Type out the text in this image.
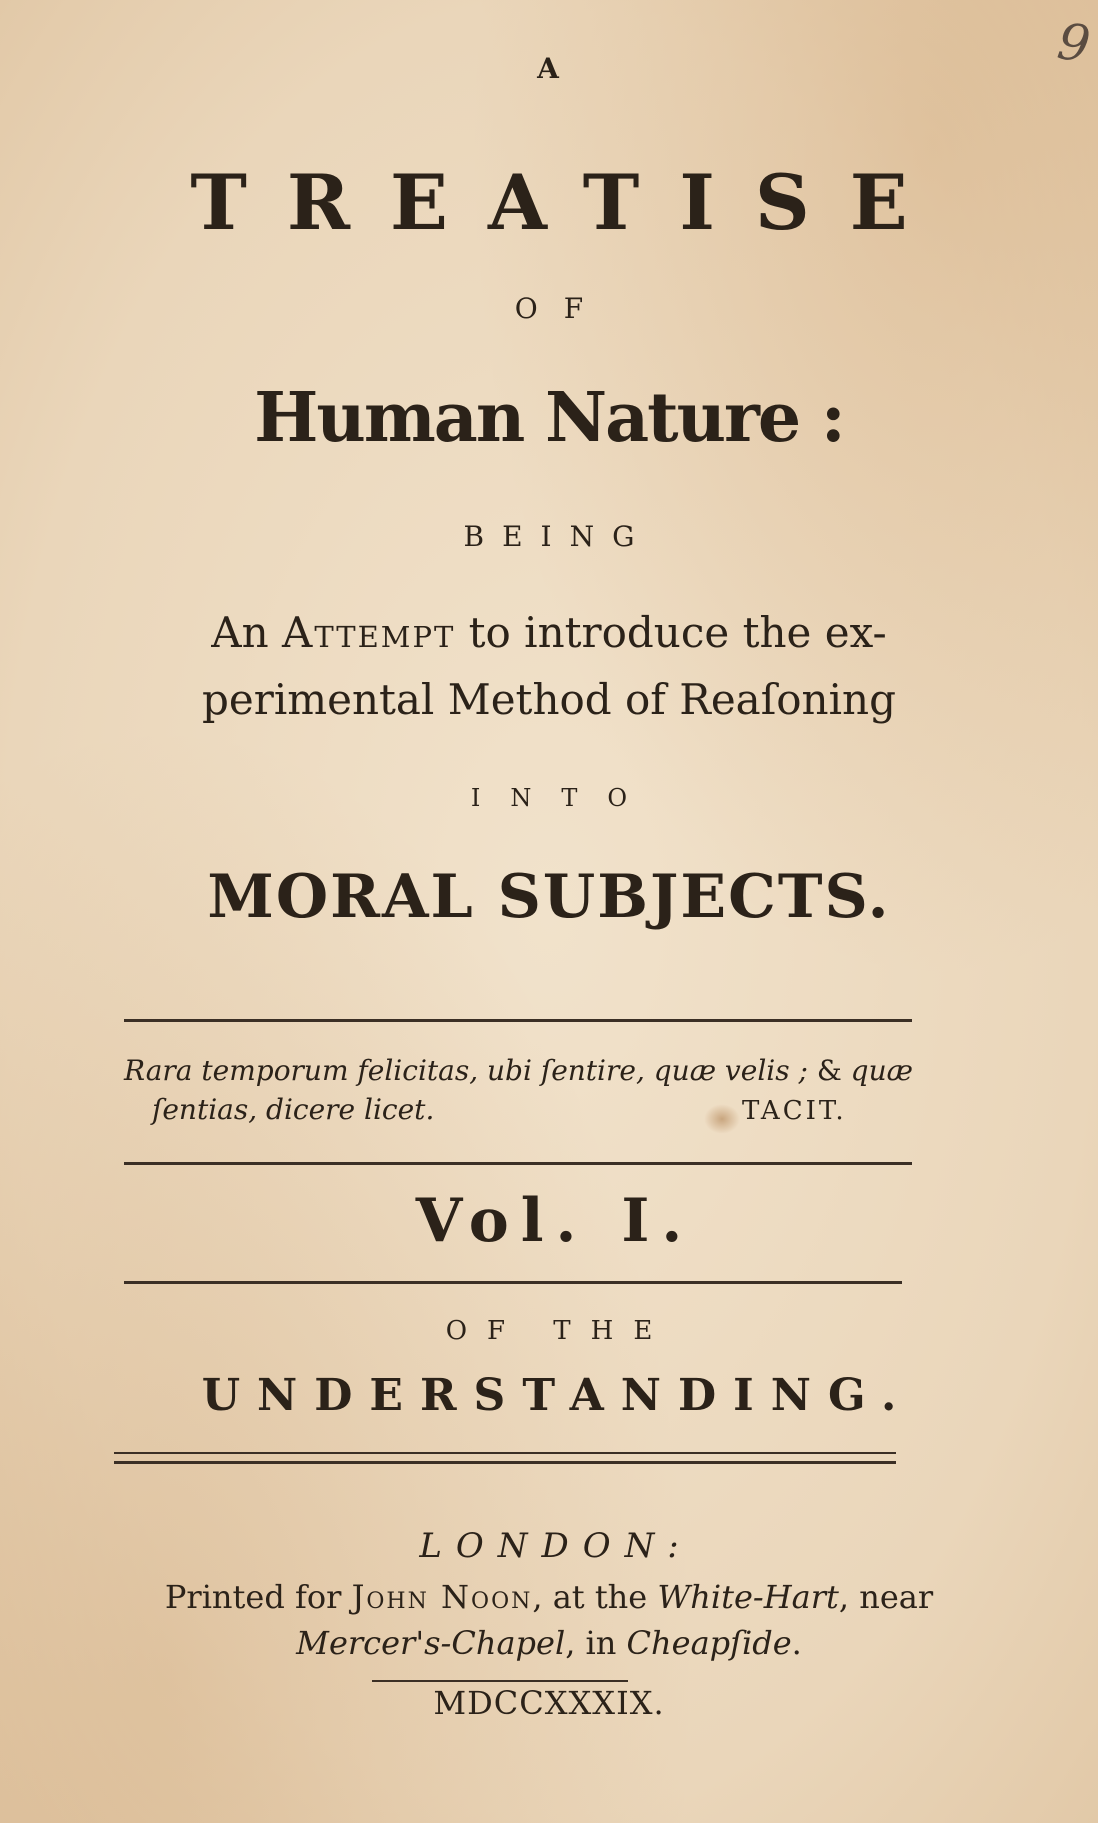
9
A
TREATISE
OF
Human Nature :
BEING
An Attempt to introduce the ex-
perimental Method of Reaſoning
INTO
MORAL SUBJECTS.
Rara temporum felicitas, ubi ſentire, quæ velis ; & quæ
ſentias, dicere licet.	TACIT.
Vol. I.
OF THE
UNDERSTANDING.
LONDON:
Printed for John Noon, at the White-Hart, near
Mercer's-Chapel, in Cheapſide.
MDCCXXXIX.
